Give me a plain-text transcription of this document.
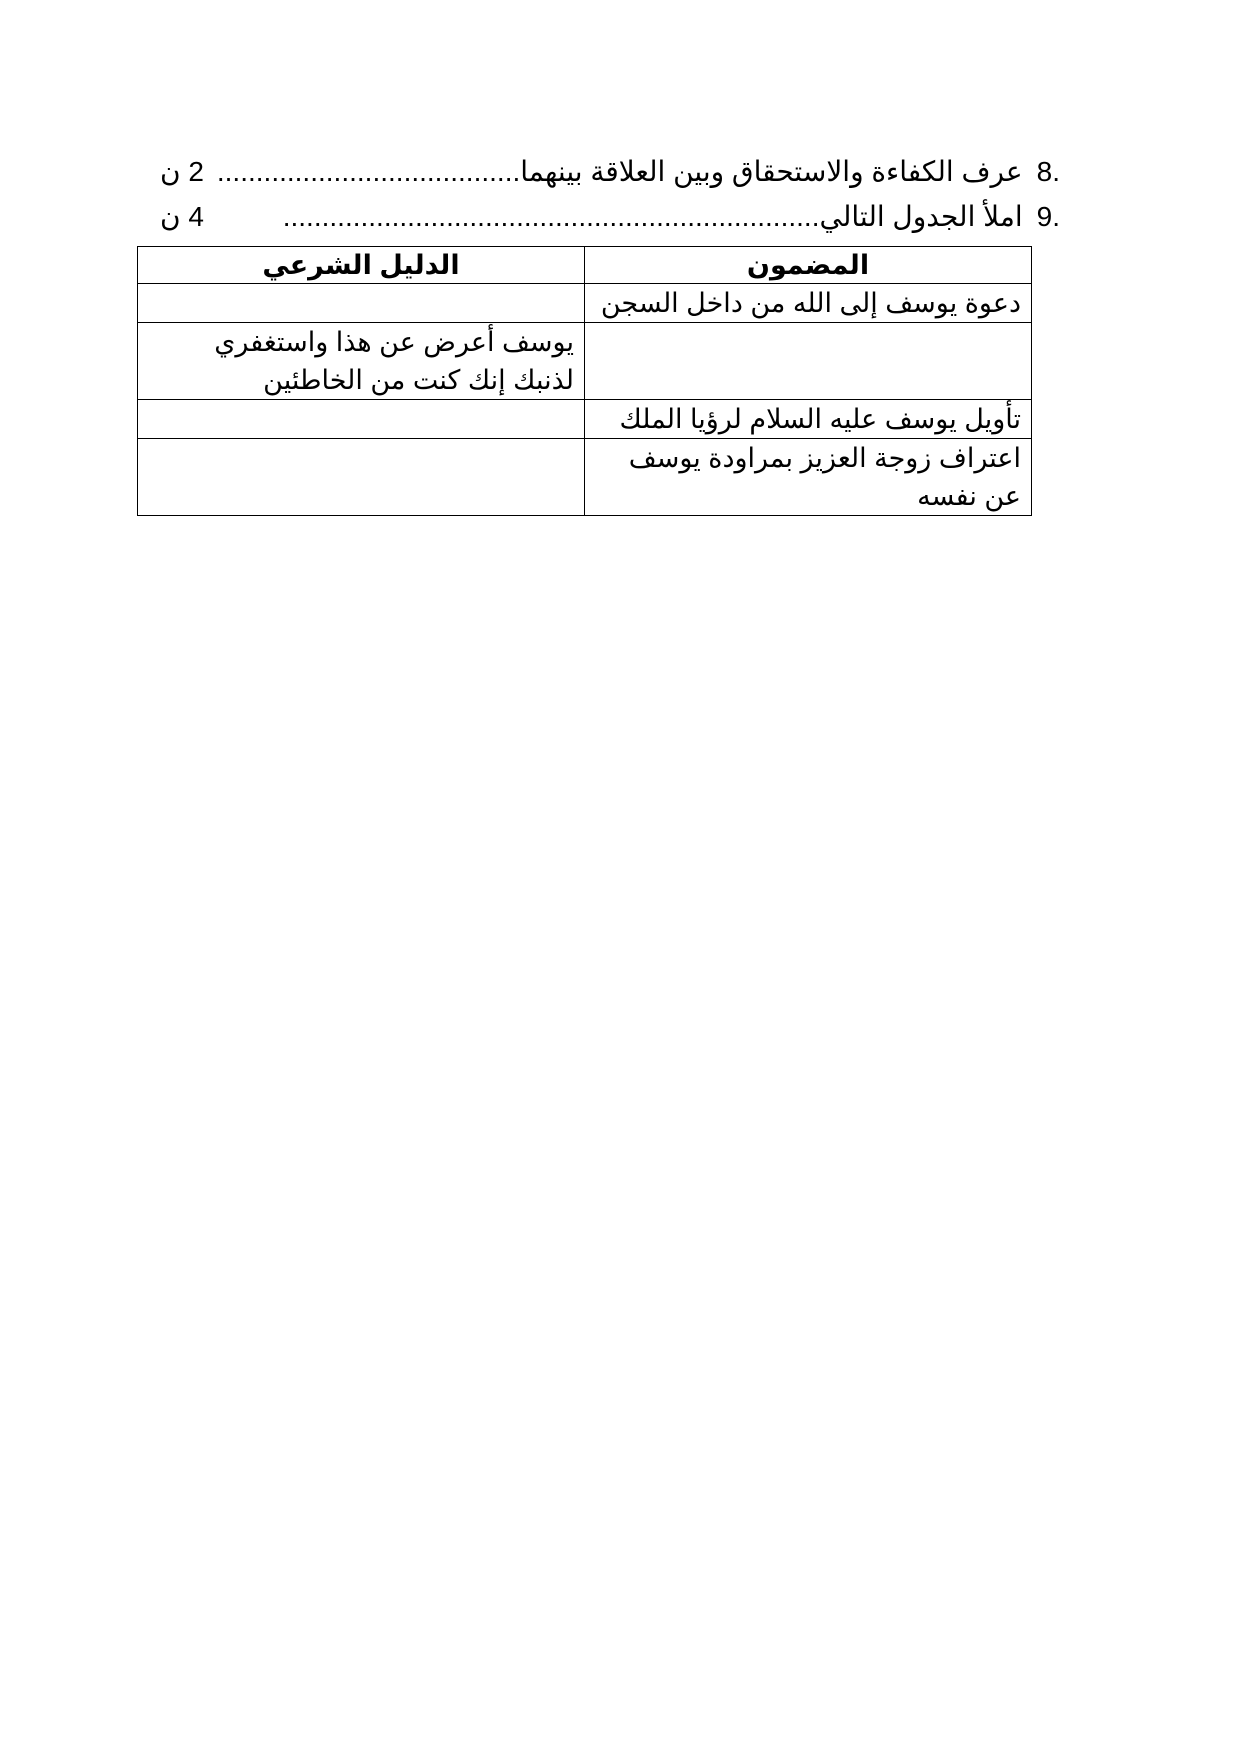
.8
عرف الكفاءة والاستحقاق وبين العلاقة بينهما
.......................................
2 ن
.9
املأ الجدول التالي
.....................................................................
4 ن
المضمون	الدليل الشرعي
دعوة يوسف إلى الله من داخل السجن	
	يوسف أعرض عن هذا واستغفري لذنبك إنك كنت من الخاطئين
تأويل يوسف عليه السلام لرؤيا الملك	
اعتراف زوجة العزيز بمراودة يوسف عن نفسه	
